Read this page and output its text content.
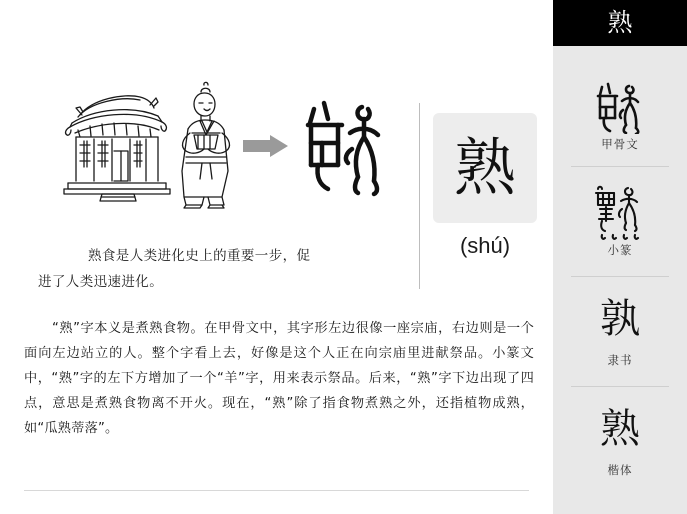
熟
(shú)
熟食是人类进化史上的重要一步，促
进了人类迅速进化。
“熟”字本义是煮熟食物。在甲骨文中，其字形左边很像一座宗庙，右边则是一个面向左边站立的人。整个字看上去，好像是这个人正在向宗庙里进献祭品。小篆文中，“熟”字的左下方增加了一个“羊”字，用来表示祭品。后来，“熟”字下边出现了四点，意思是煮熟食物离不开火。现在，“熟”除了指食物煮熟之外，还指植物成熟，如“瓜熟蒂落”。
熟
甲骨文
小篆
孰
隶书
熟
楷体
